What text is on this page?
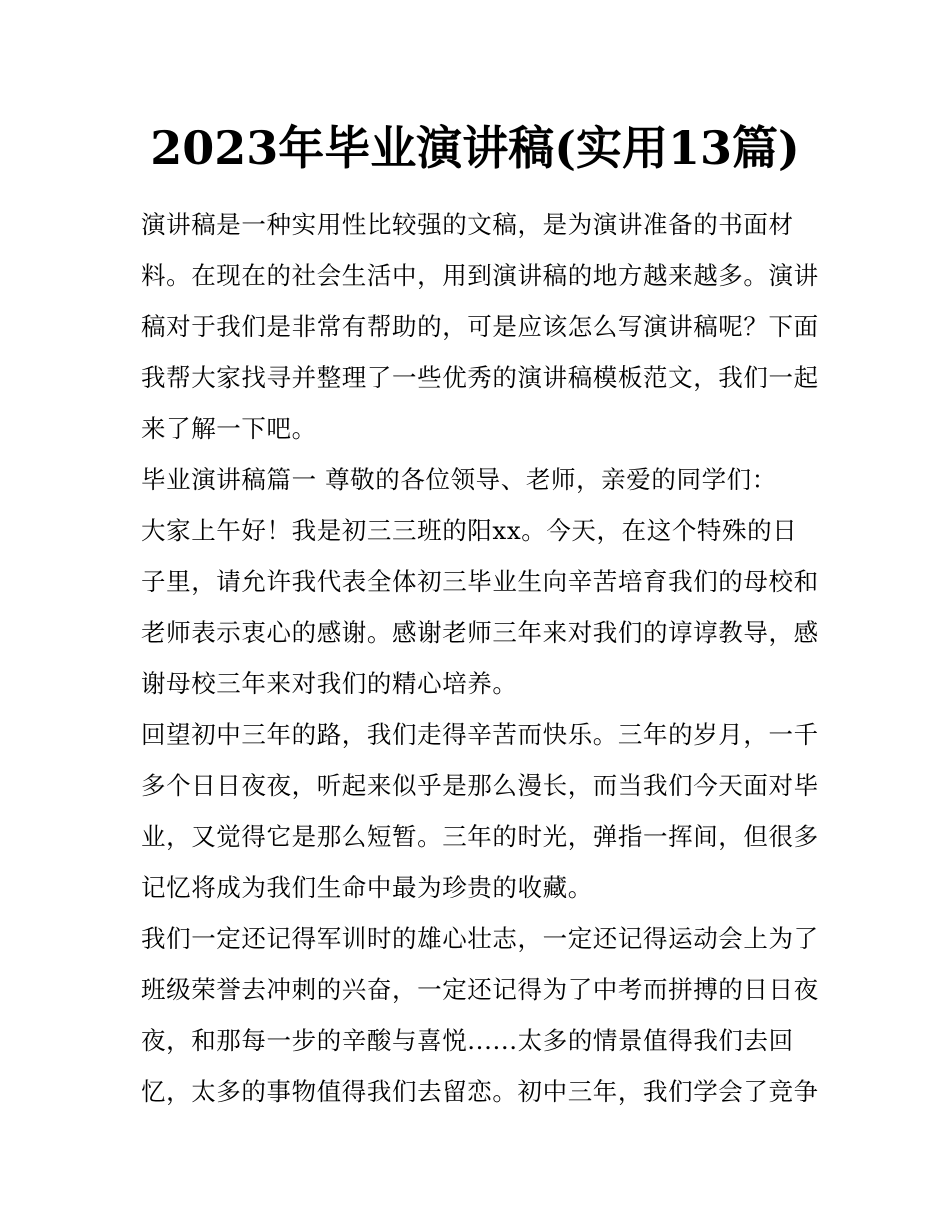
2023年毕业演讲稿(实用13篇)
演讲稿是一种实用性比较强的文稿，是为演讲准备的书面材
料。在现在的社会生活中，用到演讲稿的地方越来越多。演讲
稿对于我们是非常有帮助的，可是应该怎么写演讲稿呢？下面
我帮大家找寻并整理了一些优秀的演讲稿模板范文，我们一起
来了解一下吧。
毕业演讲稿篇一 尊敬的各位领导、老师，亲爱的同学们：
大家上午好！我是初三三班的阳xx。今天，在这个特殊的日
子里，请允许我代表全体初三毕业生向辛苦培育我们的母校和
老师表示衷心的感谢。感谢老师三年来对我们的谆谆教导，感
谢母校三年来对我们的精心培养。
回望初中三年的路，我们走得辛苦而快乐。三年的岁月，一千
多个日日夜夜，听起来似乎是那么漫长，而当我们今天面对毕
业，又觉得它是那么短暂。三年的时光，弹指一挥间，但很多
记忆将成为我们生命中最为珍贵的收藏。
我们一定还记得军训时的雄心壮志，一定还记得运动会上为了
班级荣誉去冲刺的兴奋，一定还记得为了中考而拼搏的日日夜
夜，和那每一步的辛酸与喜悦......太多的情景值得我们去回
忆，太多的事物值得我们去留恋。初中三年，我们学会了竞争
